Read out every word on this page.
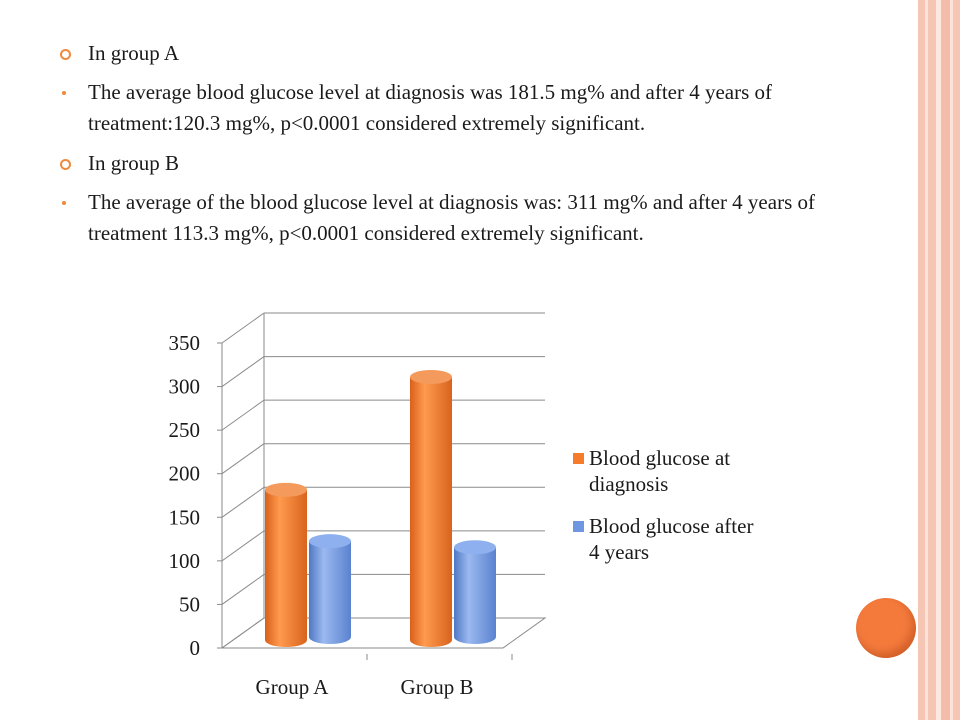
In group A
The average blood glucose level at diagnosis was 181.5 mg% and after 4 years of treatment:120.3 mg%, p<0.0001 considered extremely significant.
In group B
The average of the blood glucose level at diagnosis was: 311 mg% and after 4 years of treatment 113.3 mg%, p<0.0001 considered extremely significant.
0
50
100
150
200
250
300
350
Group A	Group B
Blood glucose at
diagnosis
Blood glucose after
4 years
